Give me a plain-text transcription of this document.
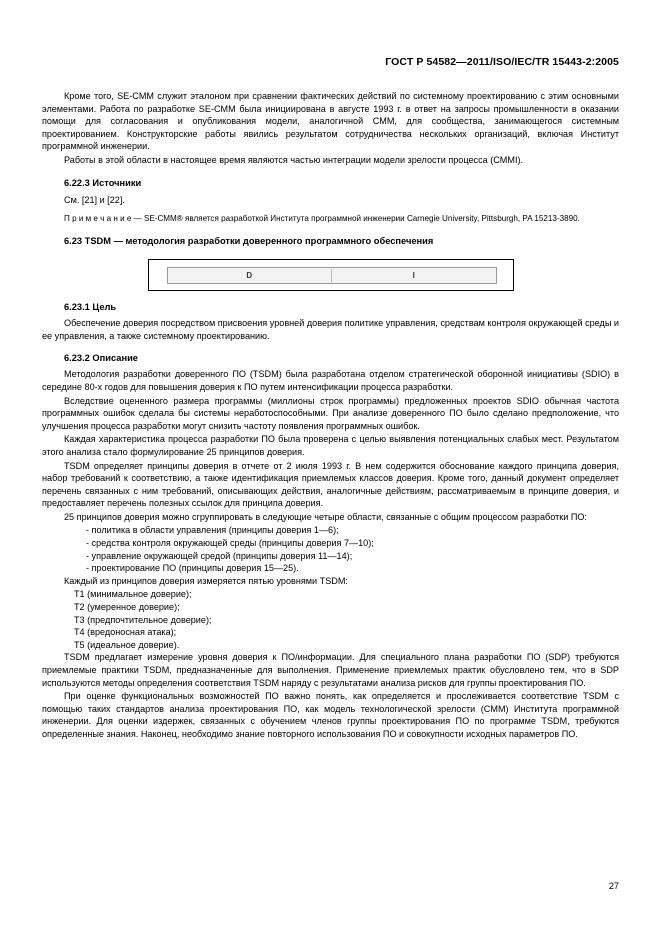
ГОСТ Р 54582—2011/ISO/IEC/TR 15443-2:2005

Кроме того, SE-CMM служит эталоном при сравнении фактических действий по системному проектированию с этим основными элементами. Работа по разработке SE-CMM была инициирована в августе 1993 г. в ответ на запросы промышленности в оказании помощи для согласования и опубликования модели, аналогичной CMM, для сообщества, занимающегося системным проектированием. Конструкторские работы явились результатом сотрудничества нескольких организаций, включая Институт программной инженерии.

Работы в этой области в настоящее время являются частью интеграции модели зрелости процесса (CMMI).

6.22.3 Источники

См. [21] и [22].

П р и м е ч а н и е — SE-CMM® является разработкой Института программной инженерии Carnegie University, Pittsburgh, PA 15213-3890.

6.23 TSDM — методология разработки доверенного программного обеспечения
D	I
6.23.1 Цель

Обеспечение доверия посредством присвоения уровней доверия политике управления, средствам контроля окружающей среды и ее управления, а также системному проектированию.

6.23.2 Описание

Методология разработки доверенного ПО (TSDM) была разработана отделом стратегической оборонной инициативы (SDIO) в середине 80-х годов для повышения доверия к ПО путем интенсификации процесса разработки.

Вследствие оцененного размера программы (миллионы строк программы) предложенных проектов SDIO обычная частота программных ошибок сделала бы системы неработоспособными. При анализе доверенного ПО было сделано предположение, что улучшения процесса разработки могут снизить частоту появления программных ошибок.

Каждая характеристика процесса разработки ПО была проверена с целью выявления потенциальных слабых мест. Результатом этого анализа стало формулирование 25 принципов доверия.

TSDM определяет принципы доверия в отчете от 2 июля 1993 г. В нем содержится обоснование каждого принципа доверия, набор требований к соответствию, а также идентификация приемлемых классов доверия. Кроме того, данный документ определяет перечень связанных с ним требований, описывающих действия, аналогичные действиям, рассматриваемым в принципе доверия, и предоставляет перечень полезных ссылок для принципа доверия.

25 принципов доверия можно сгруппировать в следующие четыре области, связанные с общим процессом разработки ПО:

- политика в области управления (принципы доверия 1—6);

- средства контроля окружающей среды (принципы доверия 7—10);

- управление окружающей средой (принципы доверия 11—14);

- проектирование ПО (принципы доверия 15—25).

Каждый из принципов доверия измеряется пятью уровнями TSDM:

Т1 (минимальное доверие);

Т2 (умеренное доверие);

Т3 (предпочтительное доверие);

Т4 (вредоносная атака);

Т5 (идеальное доверие).

TSDM предлагает измерение уровня доверия к ПО/информации. Для специального плана разработки ПО (SDP) требуются приемлемые практики TSDM, предназначенные для выполнения. Применение приемлемых практик обусловлено тем, что в SDP используются методы определения соответствия TSDM наряду с результатами анализа рисков для группы проектирования ПО.

При оценке функциональных возможностей ПО важно понять, как определяется и прослеживается соответствие TSDM с помощью таких стандартов анализа проектирования ПО, как модель технологической зрелости (CMM) Института программной инженерии. Для оценки издержек, связанных с обучением членов группы проектирования ПО по программе TSDM, требуются определенные знания. Наконец, необходимо знание повторного использования ПО и совокупности исходных параметров ПО.

27
